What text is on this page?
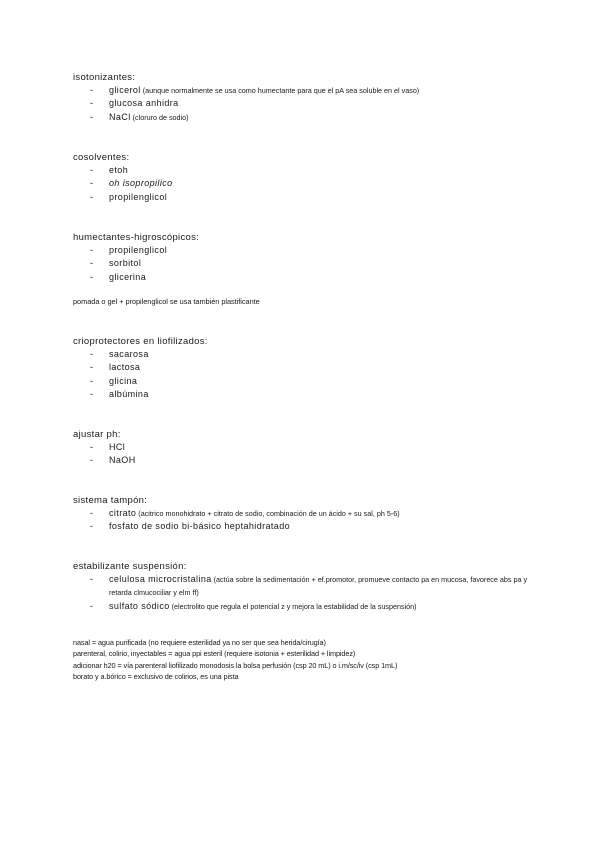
isotonizantes:
- glicerol (aunque normalmente se usa como humectante para que el pA sea soluble en el vaso)
- glucosa anhidra
- NaCl (cloruro de sodio)
cosolventes:
- etoh
- oh isopropilico
- propilenglicol
humectantes-higroscópicos:
- propilenglicol
- sorbitol
- glicerina
pomada o gel + propilenglicol se usa también plastificante
crioprotectores en liofilizados:
- sacarosa
- lactosa
- glicina
- albúmina
ajustar ph:
- HCl
- NaOH
sistema tampón:
- citrato (acitrico monohidrato + citrato de sodio, combinación de un ácido + su sal, ph 5-6)
- fosfato de sodio bi-básico heptahidratado
estabilizante suspensión:
- celulosa microcristalina (actúa sobre la sedimentación + ef.promotor, promueve contacto pa en mucosa, favorece abs pa y retarda clmucociliar y elm ff)
- sulfato sódico (electrolito que regula el potencial z y mejora la estabilidad de la suspensión)
nasal = agua purificada (no requiere esterilidad ya no ser que sea herida/cirugía)
parenteral, colirio, inyectables = agua ppi esteril (requiere isotonia + esterilidad + limpidez)
adicionar h20 = vía parenteral liofilizado monodosis la bolsa perfusión (csp 20 mL) o i.m/sc/iv (csp 1mL)
borato y a.bórico = exclusivo de colirios, es una pista
